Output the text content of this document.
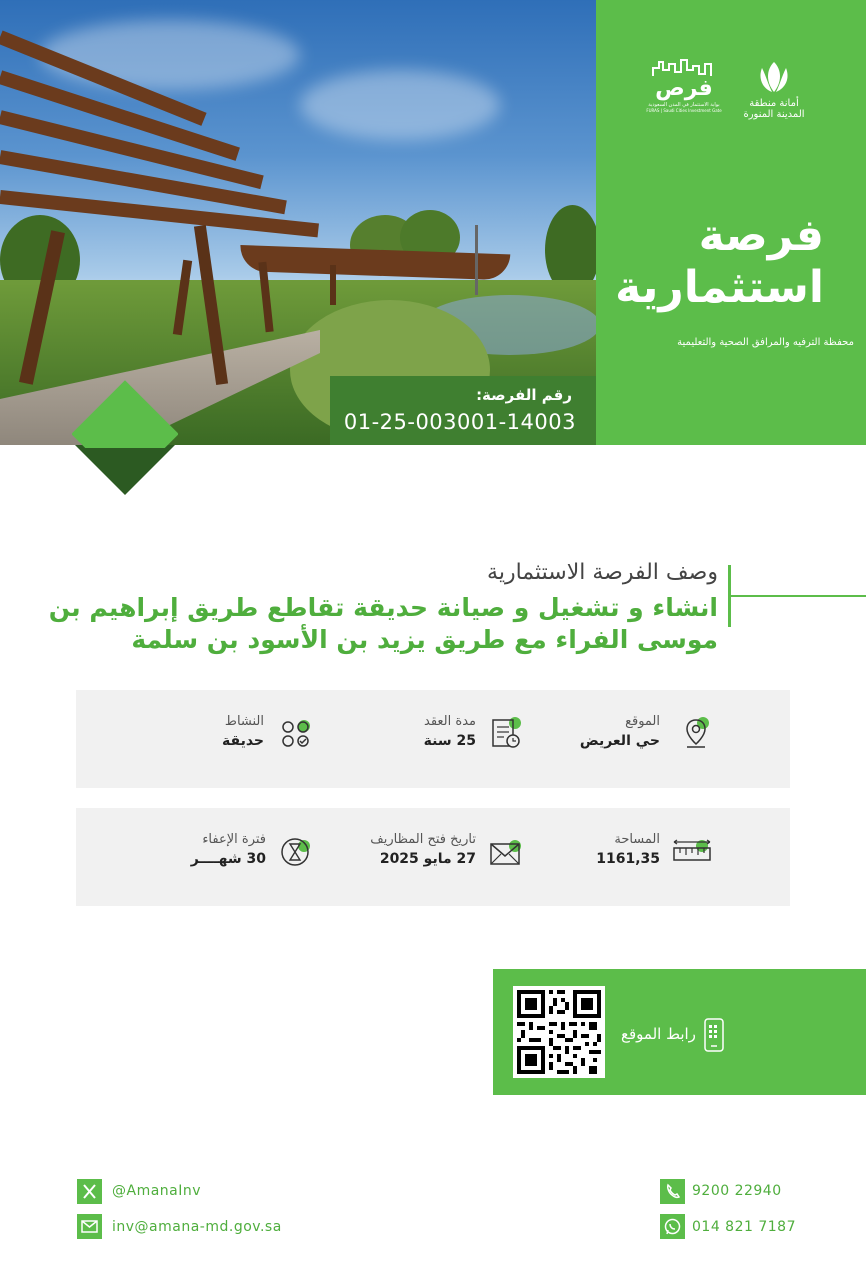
أمانة منطقة المدينة المنورة
فرص
بوابة الاستثمار في المدن السعودية
FURAS | Saudi Cities Investment Gate
فرصة
استثمارية
محفظة الترفيه والمرافق الصحية والتعليمية
رقم الفرصة:
01-25-003001-14003
وصف الفرصة الاستثمارية
انشاء و تشغيل و صيانة حديقة تقاطع طريق إبراهيم بن موسى الفراء مع طريق يزيد بن الأسود بن سلمة
الموقع
حي العريض
مدة العقد
25 سنة
النشاط
حديقة
المساحة
1161,35
تاريخ فتح المظاريف
27 مايو 2025
فترة الإعفاء
30 شهــــر
رابط الموقع
@AmanaInv
inv@amana-md.gov.sa
9200 22940
014 821 7187
